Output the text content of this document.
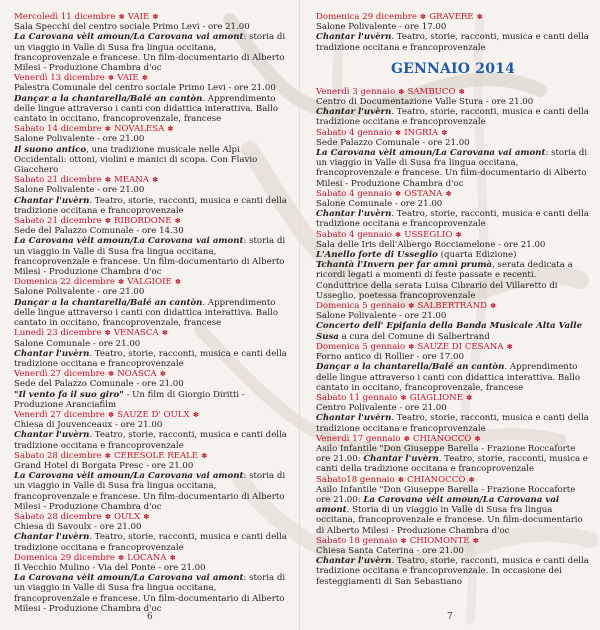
Mercoledì 11 dicembre ✽ VAIE ✽
Sala Specchi del centro sociale Primo Levi - ore 21.00
La Carovana vèit amoun/La Carovana vai amont: storia di un viaggio in Valle di Susa fra lingua occitana, francoprovenzale e francese. Un film-documentario di Alberto Milesi - Produzione Chambra d'oc
Venerdì 13 dicembre ✽ VAIE ✽
Palestra Comunale del centro sociale Primo Levi - ore 21.00
Dançar a la chantarella/Balé an cantòn. Apprendimento delle lingue attraverso i canti con didattica interattiva. Ballo cantato in occitano, francoprovenzale, francese
Sabato 14 dicembre ✽ NOVALESA ✽
Salone Polivalente - ore 21.00
Il suono antico, una tradizione musicale nelle Alpi Occidentali: ottoni, violini e manici di scopa. Con Flavio Giacchero
Sabato 21 dicembre ✽ MEANA ✽
Salone Polivalente - ore 21.00
Chantar l'uvèrn. Teatro, storie, racconti, musica e canti della tradizione occitana e francoprovenzale
Sabato 21 dicembre ✽ RIBORDONE ✽
Sede del Palazzo Comunale - ore 14.30
La Carovana vèit amoun/La Carovana vai amont: storia di un viaggio in Valle di Susa fra lingua occitana, francoprovenzale e francese. Un film-documentario di Alberto Milesi - Produzione Chambra d'oc
Domenica 22 dicembre ✽ VALGIOIE ✽
Salone Polivalente - ore 21.00
Dançar a la chantarella/Balé an cantòn. Apprendimento delle lingue attraverso i canti con didattica interattiva. Ballo cantato in occitano, francoprovenzale, francese
Lunedì 23 dicembre ✽ VENASCA ✽
Salone Comunale - ore 21.00
Chantar l'uvèrn. Teatro, storie, racconti, musica e canti della tradizione occitana e francoprovenzale
Venerdì 27 dicembre ✽ NOASCA ✽
Sede del Palazzo Comunale - ore 21.00
"Il vento fa il suo giro" - Un film di Giorgio Diritti - Produzione Aranciafilm
Venerdì 27 dicembre ✽ SAUZE D' OULX ✽
Chiesa di Jouvenceaux - ore 21.00
Chantar l'uvèrn. Teatro, storie, racconti, musica e canti della tradizione occitana e francoprovenzale
Sabato 28 dicembre ✽ CERESOLE REALE ✽
Grand Hotel di Borgata Presc - ore 21.00
La Carovana vèit amoun/La Carovana vai amont: storia di un viaggio in Valle di Susa fra lingua occitana, francoprovenzale e francese. Un film-documentario di Alberto Milesi - Produzione Chambra d'oc
Sabato 28 dicembre ✽ OULX ✽
Chiesa di Savoulx - ore 21.00
Chantar l'uvèrn. Teatro, storie, racconti, musica e canti della tradizione occitana e francoprovenzale
Domenica 29 dicembre ✽ LOCANA ✽
Il Vecchio Mulino - Via del Ponte - ore 21.00
La Carovana vèit amoun/La Carovana vai amont: storia di un viaggio in Valle di Susa fra lingua occitana, francoprovenzale e francese. Un film-documentario di Alberto Milesi - Produzione Chambra d'oc
6
Domenica 29 dicembre ✽ GRAVERE ✽
Salone Polivalente - ore 17.00
Chantar l'uvèrn. Teatro, storie, racconti, musica e canti della tradizione occitana e francoprovenzale
GENNAIO 2014
Venerdì 3 gennaio ✽ SAMBUCO ✽
Centro di Documentazione Valle Stura - ore 21.00
Chantar l'uvèrn. Teatro, storie, racconti, musica e canti della tradizione occitana e francoprovenzale
Sabato 4 gennaio ✽ INGRIA ✽
Sede Palazzo Comunale - ore 21.00
La Carovana vèit amoun/La Carovana vai amont: storia di un viaggio in Valle di Susa fra lingua occitana, francoprovenzale e francese. Un film-documentario di Alberto Milesi - Produzione Chambra d'oc
Sabato 4 gennaio ✽ OSTANA ✽
Salone Comunale - ore 21.00
Chantar l'uvèrn. Teatro, storie, racconti, musica e canti della tradizione occitana e francoprovenzale
Sabato 4 gennaio ✽ USSEGLIO ✽
Sala delle Iris dell'Albergo Rocciamelone - ore 21.00
L'Anello forte di Usseglio (quarta Edizione)
Tchantà l'Invern per far amnì prumà, serata dedicata a ricordi legati a momenti di feste passate e recenti. Conduttrice della serata Luisa Cibrario del Villaretto di Usseglio, poetessa francoprovenzale
Domenica 5 gennaio ✽ SALBERTRAND ✽
Salone Polivalente - ore 21.00
Concerto dell' Epifania della Banda Musicale Alta Valle Susa a cura del Comune di Salbertrand
Domenica 5 gennaio ✽ SAUZE DI CESANA ✽
Forno antico di Rollier - ore 17.00
Dançar a la chantarella/Balé an cantòn. Apprendimento delle lingue attraverso i canti con didattica interattiva. Ballo cantato in occitano, francoprovenzale, francese
Sabato 11 gennaio ✽ GIAGLIONE ✽
Centro Polivalente - ore 21.00
Chantar l'uvèrn. Teatro, storie, racconti, musica e canti della tradizione occitana e francoprovenzale
Venerdì 17 gennaio ✽ CHIANOCCO ✽
Asilo Infantile "Don Giuseppe Barella - Frazione Roccaforte ore 21.00: Chantar l'uvèrn. Teatro, storie, racconti, musica e canti della tradizione occitana e francoprovenzale
Sabato18 gennaio ✽ CHIANOCCO ✽
Asilo Infantile "Don Giuseppe Barella - Frazione Roccaforte ore 21.00: La Carovana vèit amoun/La Carovana vai amont. Storia di un viaggio in Valle di Susa fra lingua occitana, francoprovenzale e francese. Un film-documentario di Alberto Milesi - Produzione Chambra d'oc
Sabato 18 gennaio ✽ CHIOMONTE ✽
Chiesa Santa Caterina - ore 21.00
Chantar l'uvèrn. Teatro, storie, racconti, musica e canti della tradizione occitana e francoprovenzale. In occasione dei festeggiamenti di San Sebastiano
7
